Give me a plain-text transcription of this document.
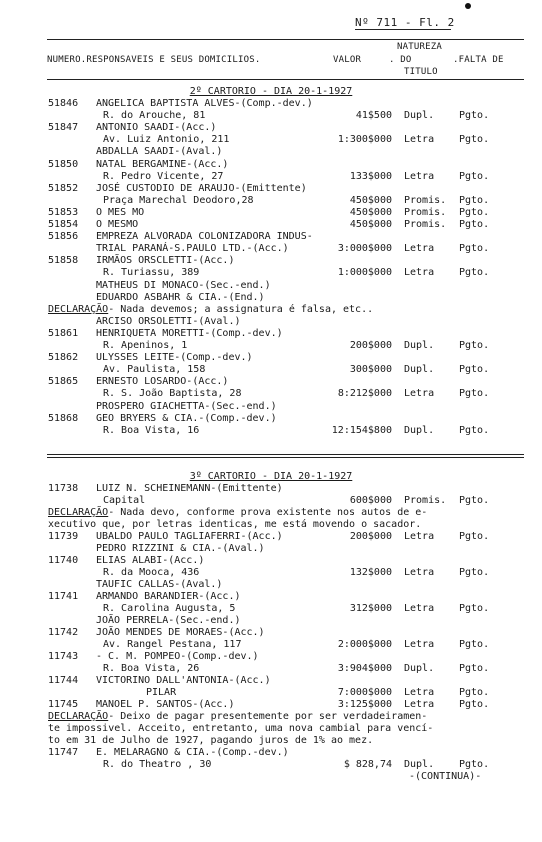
Nº 711 - Fl. 2
NUMERO.RESPONSAVEIS E SEUS DOMICILIOS.	VALOR
NATUREZA
. DO
TITULO
.FALTA DE
2º CARTORIO - DIA 20-1-1927
51846 ANGELICA BAPTISTA ALVES-(Comp.-dev.)
R. do Arouche, 81	41$500 Dupl. Pgto.
51847 ANTONIO SAADI-(Acc.)
Av. Luiz Antonio, 211	1:300$000 Letra Pgto.
ABDALLA SAADI-(Aval.)
51850 NATAL BERGAMINE-(Acc.)
R. Pedro Vicente, 27	133$000 Letra Pgto.
51852 JOSÉ CUSTODIO DE ARAUJO-(Emittente)
Praça Marechal Deodoro,28	450$000 Promis. Pgto.
51853 O MES MO	450$000 Promis. Pgto.
51854 O MESMO	450$000 Promis. Pgto.
51856 EMPREZA ALVORADA COLONIZADORA INDUS-
TRIAL PARANÁ-S.PAULO LTD.-(Acc.)	3:000$000 Letra Pgto.
51858 IRMÃOS ORSCLETTI-(Acc.)
R. Turiassu, 389	1:000$000 Letra Pgto.
MATHEUS DI MONACO-(Sec.-end.)
EDUARDO ASBAHR & CIA.-(End.)
DECLARAÇÃO- Nada devemos; a assignatura é falsa, etc..
ARCISO ORSOLETTI-(Aval.)
51861 HENRIQUETA MORETTI-(Comp.-dev.)
R. Apeninos, 1	200$000 Dupl. Pgto.
51862 ULYSSES LEITE-(Comp.-dev.)
Av. Paulista, 158	300$000 Dupl. Pgto.
51865 ERNESTO LOSARDO-(Acc.)
R. S. João Baptista, 28	8:212$000 Letra Pgto.
PROSPERO GIACHETTA-(Sec.-end.)
51868 GEO BRYERS & CIA.-(Comp.-dev.)
R. Boa Vista, 16	12:154$800 Dupl. Pgto.
3º CARTORIO - DIA 20-1-1927
11738 LUIZ N. SCHEINEMANN-(Emittente)
Capital	600$000 Promis. Pgto.
DECLARAÇÃO- Nada devo, conforme prova existente nos autos de e-
xecutivo que, por letras identicas, me está movendo o sacador.
11739 UBALDO PAULO TAGLIAFERRI-(Acc.)	200$000 Letra Pgto.
PEDRO RIZZINI & CIA.-(Aval.)
11740 ELIAS ALABI-(Acc.)
R. da Mooca, 436	132$000 Letra Pgto.
TAUFIC CALLAS-(Aval.)
11741 ARMANDO BARANDIER-(Acc.)
R. Carolina Augusta, 5	312$000 Letra Pgto.
JOÃO PERRELA-(Sec.-end.)
11742 JOÃO MENDES DE MORAES-(Acc.)
Av. Rangel Pestana, 117	2:000$000 Letra Pgto.
11743 - C. M. POMPEO-(Comp.-dev.)
R. Boa Vista, 26	3:904$000 Dupl. Pgto.
11744 VICTORINO DALL'ANTONIA-(Acc.)
PILAR	7:000$000 Letra Pgto.
11745 MANOEL P. SANTOS-(Acc.)	3:125$000 Letra Pgto.
DECLARAÇÃO- Deixo de pagar presentemente por ser verdadeiramen-
te impossivel. Acceito, entretanto, uma nova cambial para vencí-
to em 31 de Julho de 1927, pagando juros de 1% ao mez.
11747 E. MELARAGNO & CIA.-(Comp.-dev.)
R. do Theatro , 30	$ 828,74 Dupl. Pgto.
-(CONTINUA)-
